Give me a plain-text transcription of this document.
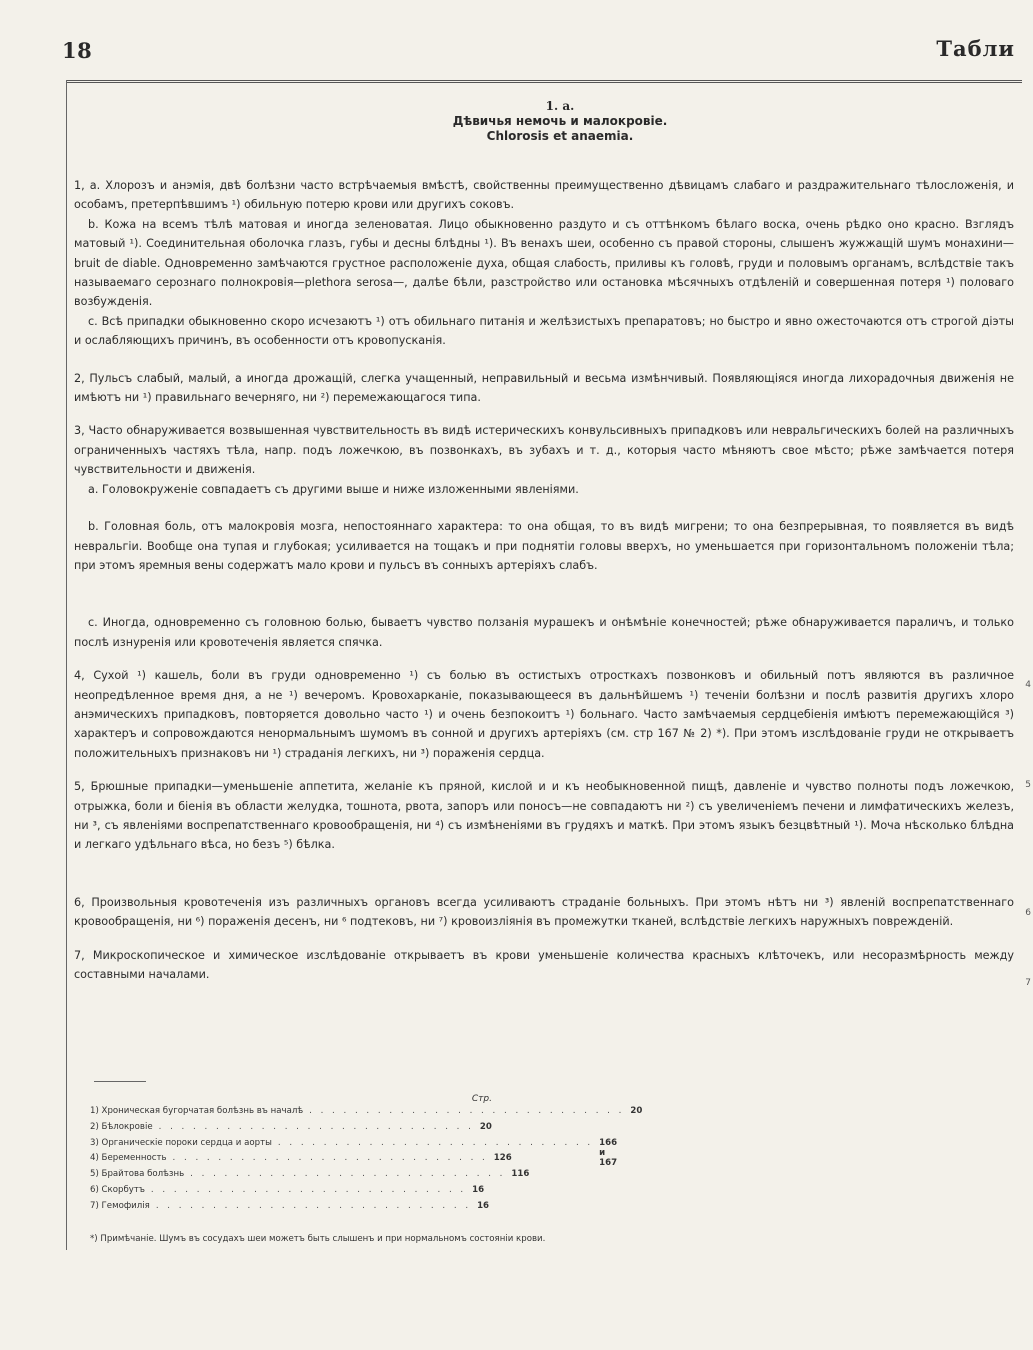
18	Табли
1. а.
Дѣвичья немочь и малокровіе.
Chlorosis et anaemia.
1, а. Хлорозъ и анэмія, двѣ болѣзни часто встрѣчаемыя вмѣстѣ, свойственны преимущественно дѣвицамъ слабаго и раздражительнаго тѣлосложенія, и особамъ, претерпѣвшимъ ¹) обильную потерю крови или другихъ соковъ.
b. Кожа на всемъ тѣлѣ матовая и иногда зеленоватая. Лицо обыкновенно раздуто и съ оттѣнкомъ бѣлаго воска, очень рѣдко оно красно. Взглядъ матовый ¹). Соединительная оболочка глазъ, губы и десны блѣдны ¹). Въ венахъ шеи, особенно съ правой стороны, слышенъ жужжащій шумъ монахини—bruit de diable. Одновременно замѣчаются грустное расположеніе духа, общая слабость, приливы къ головѣ, груди и половымъ органамъ, вслѣдствіе такъ называемаго серознаго полнокровія—plethora serosa—, далѣе бѣли, разстройство или остановка мѣсячныхъ отдѣленій и совершенная потеря ¹) половаго возбужденія.
c. Всѣ припадки обыкновенно скоро исчезаютъ ¹) отъ обильнаго питанія и желѣзистыхъ препаратовъ; но быстро и явно ожесточаются отъ строгой діэты и ослабляющихъ причинъ, въ особенности отъ кровопусканія.
2, Пульсъ слабый, малый, а иногда дрожащій, слегка учащенный, неправильный и весьма измѣнчивый. Появляющіяся иногда лихорадочныя движенія не имѣютъ ни ¹) правильнаго вечерняго, ни ²) перемежающагося типа.
3, Часто обнаруживается возвышенная чувствительность въ видѣ истерическихъ конвульсивныхъ припадковъ или невральгическихъ болей на различныхъ ограниченныхъ частяхъ тѣла, напр. подъ ложечкою, въ позвонкахъ, въ зубахъ и т. д., которыя часто мѣняютъ свое мѣсто; рѣже замѣчается потеря чувствительности и движенія.
a. Головокруженіе совпадаетъ съ другими выше и ниже изложенными явленіями.
b. Головная боль, отъ малокровія мозга, непостояннаго характера: то она общая, то въ видѣ мигрени; то она безпрерывная, то появляется въ видѣ невральгіи. Вообще она тупая и глубокая; усиливается на тощакъ и при поднятіи головы вверхъ, но уменьшается при горизонтальномъ положеніи тѣла; при этомъ яремныя вены содержатъ мало крови и пульсъ въ сонныхъ артеріяхъ слабъ.
c. Иногда, одновременно съ головною болью, бываетъ чувство ползанія мурашекъ и онѣмѣніе конечностей; рѣже обнаруживается параличъ, и только послѣ изнуренія или кровотеченія является спячка.
4, Сухой ¹) кашель, боли въ груди одновременно ¹) съ болью въ остистыхъ отросткахъ позвонковъ и обильный потъ являются въ различное неопредѣленное время дня, а не ¹) вечеромъ. Кровохарканіе, показывающееся въ дальнѣйшемъ ¹) теченіи болѣзни и послѣ развитія другихъ хлоро анэмическихъ припадковъ, повторяется довольно часто ¹) и очень безпокоитъ ¹) больнаго. Часто замѣчаемыя сердцебіенія имѣютъ перемежающійся ³) характеръ и сопровождаются ненормальнымъ шумомъ въ сонной и другихъ артеріяхъ (см. стр 167 № 2) *). При этомъ изслѣдованіе груди не открываетъ положительныхъ признаковъ ни ¹) страданія легкихъ, ни ³) пораженія сердца.
5, Брюшные припадки—уменьшеніе аппетита, желаніе къ пряной, кислой и и къ необыкновенной пищѣ, давленіе и чувство полноты подъ ложечкою, отрыжка, боли и біенія въ области желудка, тошнота, рвота, запоръ или поносъ—не совпадаютъ ни ²) съ увеличеніемъ печени и лимфатическихъ железъ, ни ³, съ явленіями воспрепатственнаго кровообращенія, ни ⁴) съ измѣненіями въ грудяхъ и маткѣ. При этомъ языкъ безцвѣтный ¹). Моча нѣсколько блѣдна и легкаго удѣльнаго вѣса, но безъ ⁵) бѣлка.
6, Произвольныя кровотеченія изъ различныхъ органовъ всегда усиливаютъ страданіе больныхъ. При этомъ нѣтъ ни ³) явленій воспрепатственнаго кровообращенія, ни ⁶) пораженія десенъ, ни ⁶ подтековъ, ни ⁷) кровоизліянія въ промежутки тканей, вслѣдствіе легкихъ наружныхъ поврежденій.
7, Микроскопическое и химическое изслѣдованіе открываетъ въ крови уменьшеніе количества красныхъ клѣточекъ, или несоразмѣрность между составными началами.
Стр.
1) Хроническая бугорчатая болѣзнь въ началѣ . . . . . . . . . . . . . . . . . . . . . . . . . . . . 20
2) Бѣлокровіе . . . . . . . . . . . . . . . . . . . . . . . . . . . . 20
3) Органическіе пороки сердца и аорты . . . . . . . . . . . . . . . . . . . . . . . . . . . . 166 и 167
4) Беременность . . . . . . . . . . . . . . . . . . . . . . . . . . . . 126
5) Брайтова болѣзнь . . . . . . . . . . . . . . . . . . . . . . . . . . . . 116
6) Скорбутъ . . . . . . . . . . . . . . . . . . . . . . . . . . . . 16
7) Гемофилія . . . . . . . . . . . . . . . . . . . . . . . . . . . . 16
*) Примѣчаніе. Шумъ въ сосудахъ шеи можетъ быть слышенъ и при нормальномъ состояніи крови.
4
5
6
7
